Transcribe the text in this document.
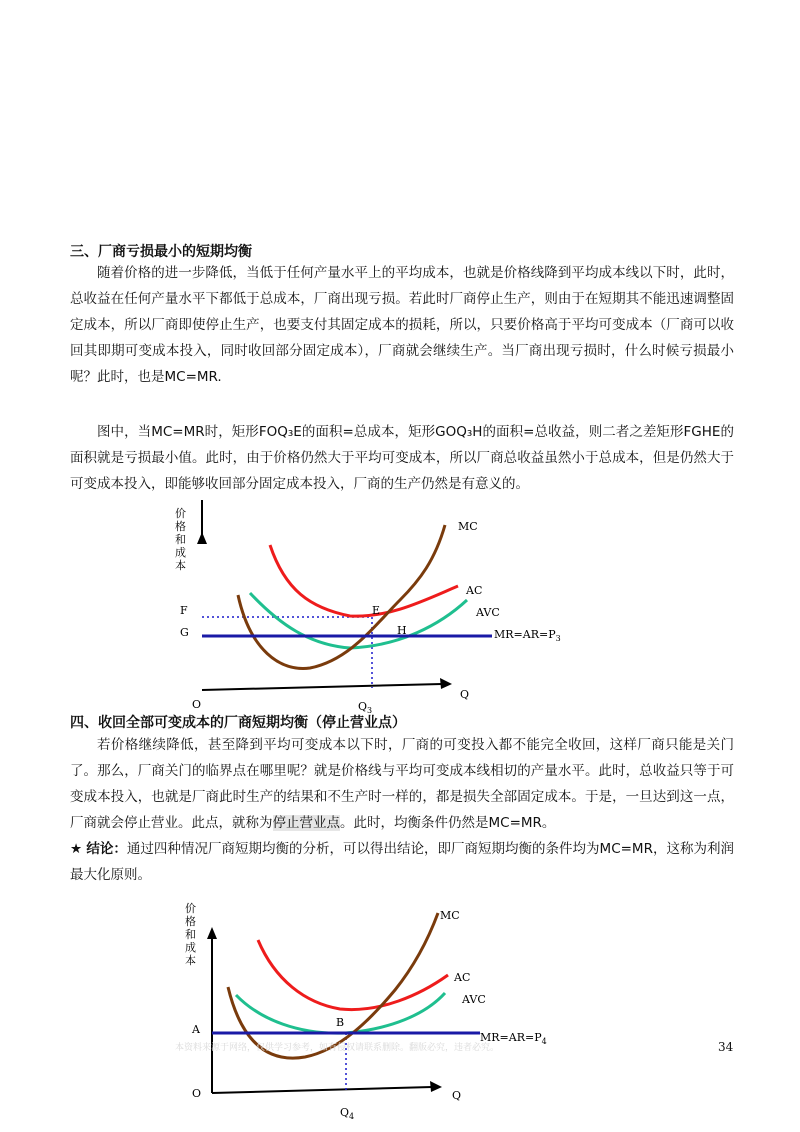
三、厂商亏损最小的短期均衡

随着价格的进一步降低，当低于任何产量水平上的平均成本，也就是价格线降到平均成本线以下时，此时，总收益在任何产量水平下都低于总成本，厂商出现亏损。若此时厂商停止生产，则由于在短期其不能迅速调整固定成本，所以厂商即使停止生产，也要支付其固定成本的损耗，所以，只要价格高于平均可变成本（厂商可以收回其即期可变成本投入，同时收回部分固定成本），厂商就会继续生产。当厂商出现亏损时，什么时候亏损最小呢？此时，也是MC=MR.

图中，当MC=MR时，矩形FOQ₃E的面积=总成本，矩形GOQ₃H的面积=总收益，则二者之差矩形FGHE的面积就是亏损最小值。此时，由于价格仍然大于平均可变成本，所以厂商总收益虽然小于总成本，但是仍然大于可变成本投入，即能够收回部分固定成本投入，厂商的生产仍然是有意义的。

价
格
和
成
本
MC
AC
AVC
$MR=AR=P_3$
F
G
E
H
O
Q
$Q_3$
四、收回全部可变成本的厂商短期均衡（停止营业点）

若价格继续降低，甚至降到平均可变成本以下时，厂商的可变投入都不能完全收回，这样厂商只能是关门了。那么，厂商关门的临界点在哪里呢？就是价格线与平均可变成本线相切的产量水平。此时，总收益只等于可变成本投入，也就是厂商此时生产的结果和不生产时一样的，都是损失全部固定成本。于是，一旦达到这一点，厂商就会停止营业。此点，就称为停止营业点。此时，均衡条件仍然是MC=MR。

★ 结论：通过四种情况厂商短期均衡的分析，可以得出结论，即厂商短期均衡的条件均为MC=MR，这称为利润最大化原则。

价
格
和
成
本
MC
AC
AVC
$MR=AR=P_4$
A
B
O	Q
$Q_4$
本资料来源于网络，仅供学习参考，如有侵权请联系删除。翻版必究，违者必究。	34
